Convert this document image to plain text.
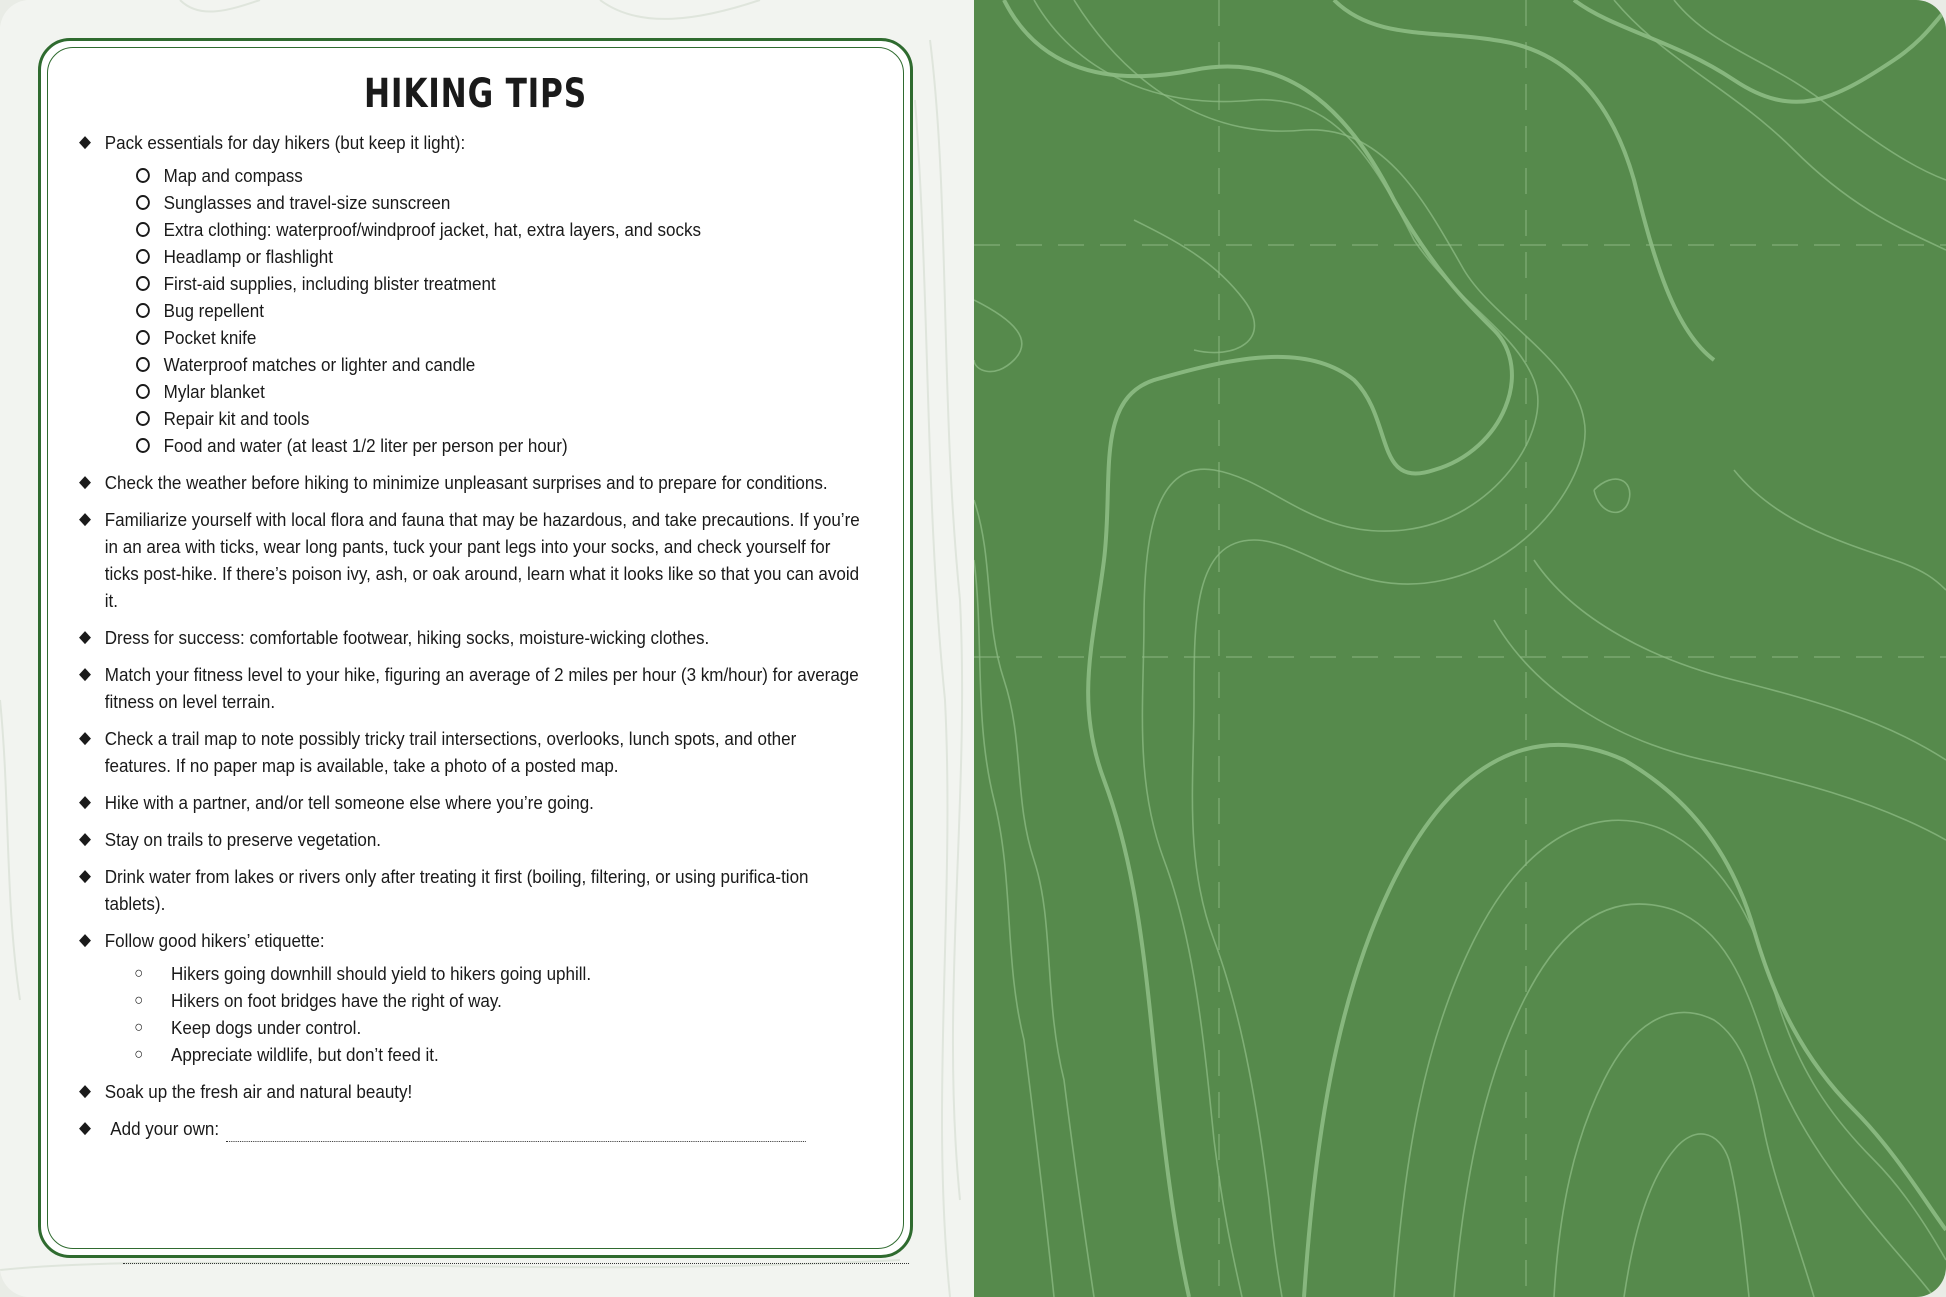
HIKING TIPS
◆ Pack essentials for day hikers (but keep it light):
Map and compass
Sunglasses and travel-size sunscreen
Extra clothing: waterproof/windproof jacket, hat, extra layers, and socks
Headlamp or flashlight
First-aid supplies, including blister treatment
Bug repellent
Pocket knife
Waterproof matches or lighter and candle
Mylar blanket
Repair kit and tools
Food and water (at least 1/2 liter per person per hour)
◆ Check the weather before hiking to minimize unpleasant surprises and to prepare for conditions.
◆ Familiarize yourself with local flora and fauna that may be hazardous, and take precautions. If you’re in an area with ticks, wear long pants, tuck your pant legs into your socks, and check yourself for ticks post-hike. If there’s poison ivy, ash, or oak around, learn what it looks like so that you can avoid it.
◆ Dress for success: comfortable footwear, hiking socks, moisture-wicking clothes.
◆ Match your fitness level to your hike, figuring an average of 2 miles per hour (3 km/hour) for average fitness on level terrain.
◆ Check a trail map to note possibly tricky trail intersections, overlooks, lunch spots, and other features. If no paper map is available, take a photo of a posted map.
◆ Hike with a partner, and/or tell someone else where you’re going.
◆ Stay on trails to preserve vegetation.
◆ Drink water from lakes or rivers only after treating it first (boiling, filtering, or using purifica-tion tablets).
◆ Follow good hikers’ etiquette:
○ Hikers going downhill should yield to hikers going uphill.
○ Hikers on foot bridges have the right of way.
○ Keep dogs under control.
○ Appreciate wildlife, but don’t feed it.
◆ Soak up the fresh air and natural beauty!
◆ Add your own:
